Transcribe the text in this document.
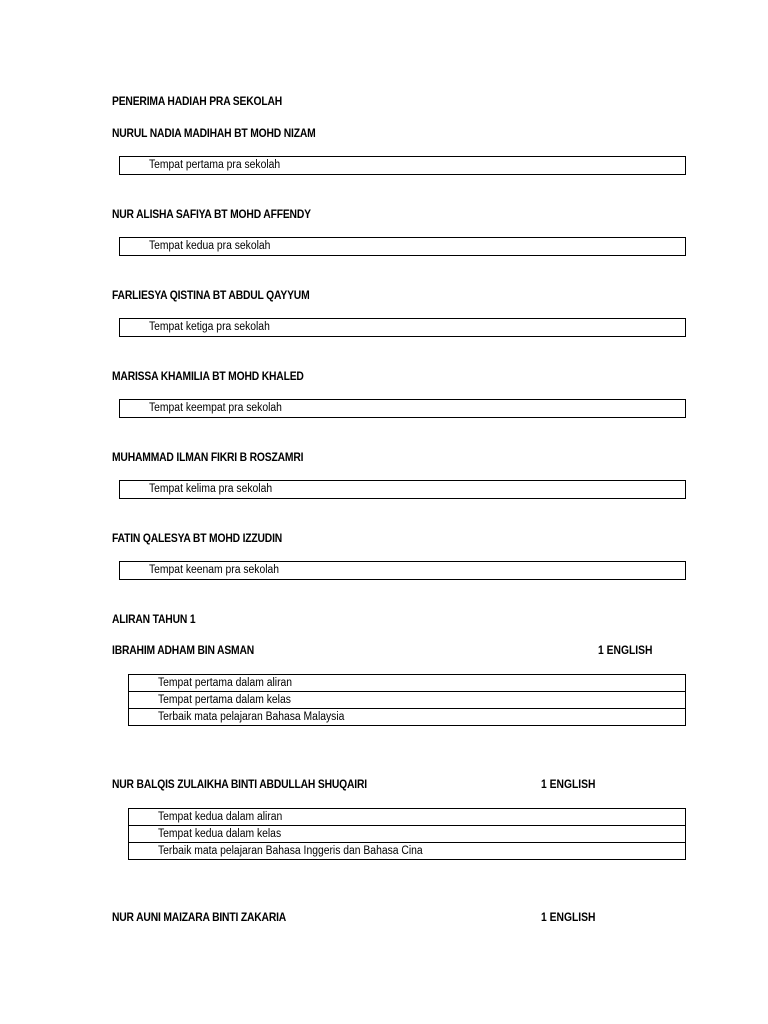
PENERIMA HADIAH PRA SEKOLAH
NURUL NADIA MADIHAH BT MOHD NIZAM
Tempat pertama pra sekolah
NUR ALISHA SAFIYA BT MOHD AFFENDY
Tempat kedua pra sekolah
FARLIESYA QISTINA BT ABDUL QAYYUM
Tempat ketiga pra sekolah
MARISSA KHAMILIA BT MOHD KHALED
Tempat keempat pra sekolah
MUHAMMAD ILMAN FIKRI B ROSZAMRI
Tempat kelima pra sekolah
FATIN QALESYA BT MOHD IZZUDIN
Tempat keenam pra sekolah
ALIRAN TAHUN 1
IBRAHIM ADHAM BIN ASMAN	1 ENGLISH
Tempat pertama dalam aliran
Tempat pertama dalam kelas
Terbaik mata pelajaran Bahasa Malaysia
NUR BALQIS ZULAIKHA BINTI ABDULLAH SHUQAIRI	1 ENGLISH
Tempat kedua dalam aliran
Tempat kedua dalam kelas
Terbaik mata pelajaran Bahasa Inggeris dan Bahasa Cina
NUR AUNI MAIZARA BINTI ZAKARIA	1 ENGLISH
